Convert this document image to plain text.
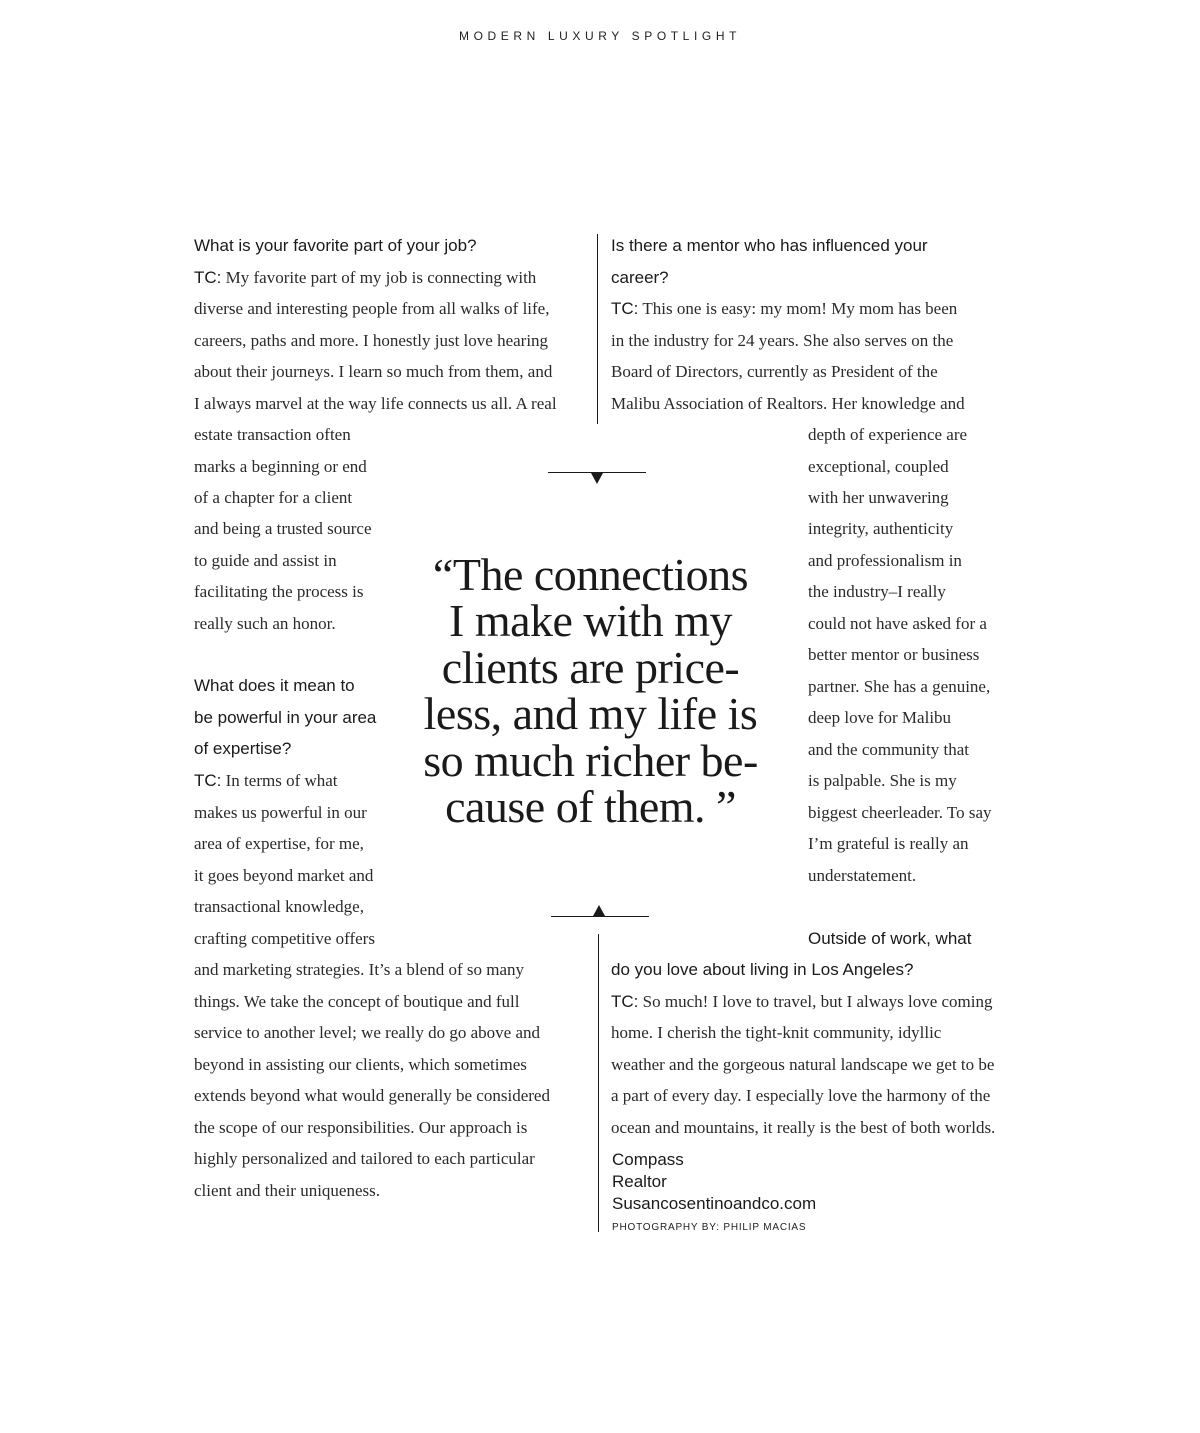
MODERN LUXURY SPOTLIGHT
What is your favorite part of your job?
TC: My favorite part of my job is connecting with
diverse and interesting people from all walks of life,
careers, paths and more. I honestly just love hearing
about their journeys. I learn so much from them, and
I always marvel at the way life connects us all. A real
estate transaction often
marks a beginning or end
of a chapter for a client
and being a trusted source
to guide and assist in
facilitating the process is
really such an honor.
What does it mean to
be powerful in your area
of expertise?
TC: In terms of what
makes us powerful in our
area of expertise, for me,
it goes beyond market and
transactional knowledge,
crafting competitive offers
and marketing strategies. It’s a blend of so many
things. We take the concept of boutique and full
service to another level; we really do go above and
beyond in assisting our clients, which sometimes
extends beyond what would generally be considered
the scope of our responsibilities. Our approach is
highly personalized and tailored to each particular
client and their uniqueness.
Is there a mentor who has influenced your
career?
TC: This one is easy: my mom! My mom has been
in the industry for 24 years. She also serves on the
Board of Directors, currently as President of the
Malibu Association of Realtors. Her knowledge and
depth of experience are
exceptional, coupled
with her unwavering
integrity, authenticity
and professionalism in
the industry–I really
could not have asked for a
better mentor or business
partner. She has a genuine,
deep love for Malibu
and the community that
is palpable. She is my
biggest cheerleader. To say
I’m grateful is really an
understatement.
Outside of work, what
do you love about living in Los Angeles?
TC: So much! I love to travel, but I always love coming
home. I cherish the tight-knit community, idyllic
weather and the gorgeous natural landscape we get to be
a part of every day. I especially love the harmony of the
ocean and mountains, it really is the best of both worlds.
Compass
Realtor
Susancosentinoandco.com
PHOTOGRAPHY BY: PHILIP MACIAS
“The connections
I make with my
clients are price-
less, and my life is
so much richer be-
cause of them. ”
